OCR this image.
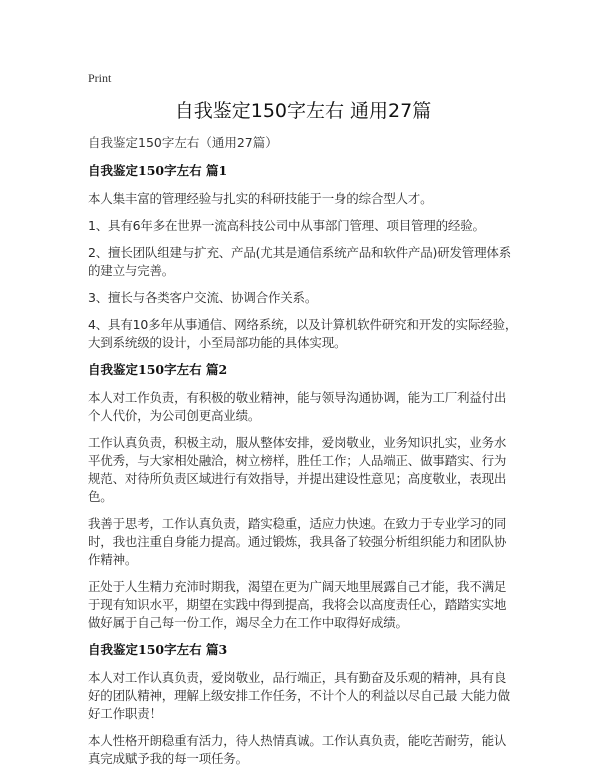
Print
自我鉴定150字左右 通用27篇
自我鉴定150字左右（通用27篇）
自我鉴定150字左右 篇1

本人集丰富的管理经验与扎实的科研技能于一身的综合型人才。

1、具有6年多在世界一流高科技公司中从事部门管理、项目管理的经验。

2、擅长团队组建与扩充、产品(尤其是通信系统产品和软件产品)研发管理体系的建立与完善。

3、擅长与各类客户交流、协调合作关系。

4、具有10多年从事通信、网络系统，以及计算机软件研究和开发的实际经验，大到系统级的设计，小至局部功能的具体实现。

自我鉴定150字左右 篇2

本人对工作负责，有积极的敬业精神，能与领导沟通协调，能为工厂利益付出个人代价，为公司创更高业绩。

工作认真负责，积极主动，服从整体安排，爱岗敬业，业务知识扎实，业务水平优秀，与大家相处融洽，树立榜样，胜任工作；人品端正、做事踏实、行为规范、对待所负责区域进行有效指导，并提出建设性意见；高度敬业，表现出色。

我善于思考，工作认真负责，踏实稳重，适应力快速。在致力于专业学习的同时，我也注重自身能力提高。通过锻炼，我具备了较强分析组织能力和团队协作精神。

正处于人生精力充沛时期我，渴望在更为广阔天地里展露自己才能，我不满足于现有知识水平，期望在实践中得到提高，我将会以高度责任心，踏踏实实地做好属于自己每一份工作，竭尽全力在工作中取得好成绩。

自我鉴定150字左右 篇3

本人对工作认真负责，爱岗敬业，品行端正，具有勤奋及乐观的精神，具有良好的团队精神，理解上级安排工作任务，不计个人的利益以尽自己最 大能力做好工作职责！

本人性格开朗稳重有活力，待人热情真诚。工作认真负责，能吃苦耐劳，能认真完成赋予我的每一项任务。
